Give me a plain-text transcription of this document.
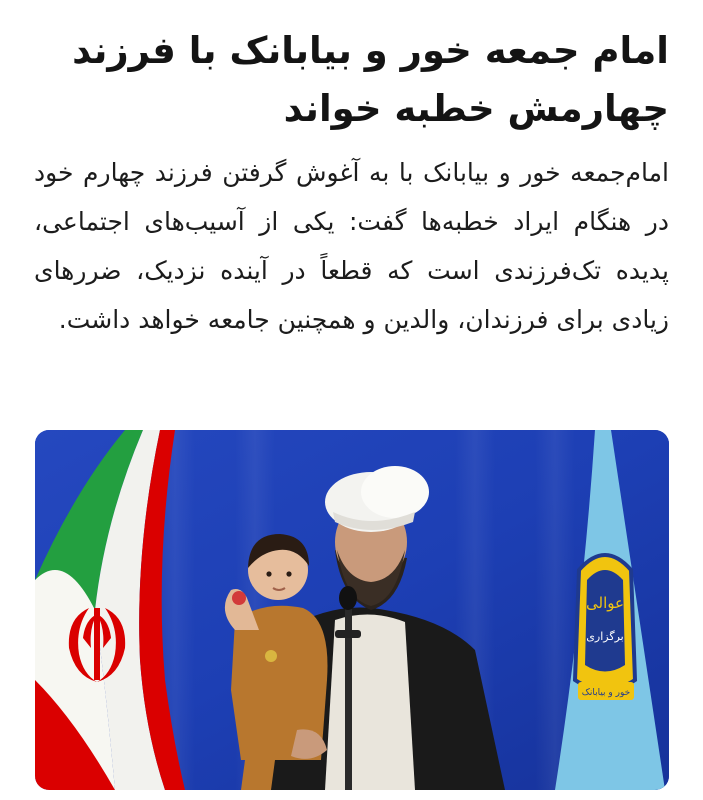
امام جمعه خور و بیابانک با فرزند چهارمش خطبه خواند

امام‌جمعه خور و بیابانک با به آغوش گرفتن فرزند چهارم خود در هنگام ایراد خطبه‌ها گفت: یکی از آسیب‌های اجتماعی، پدیده تک‌فرزندی است که قطعاً در آینده نزدیک، ضررهای زیادی برای فرزندان، والدین و همچنین جامعه خواهد داشت.

عوالی
برگزاری
خور و بیابانک
